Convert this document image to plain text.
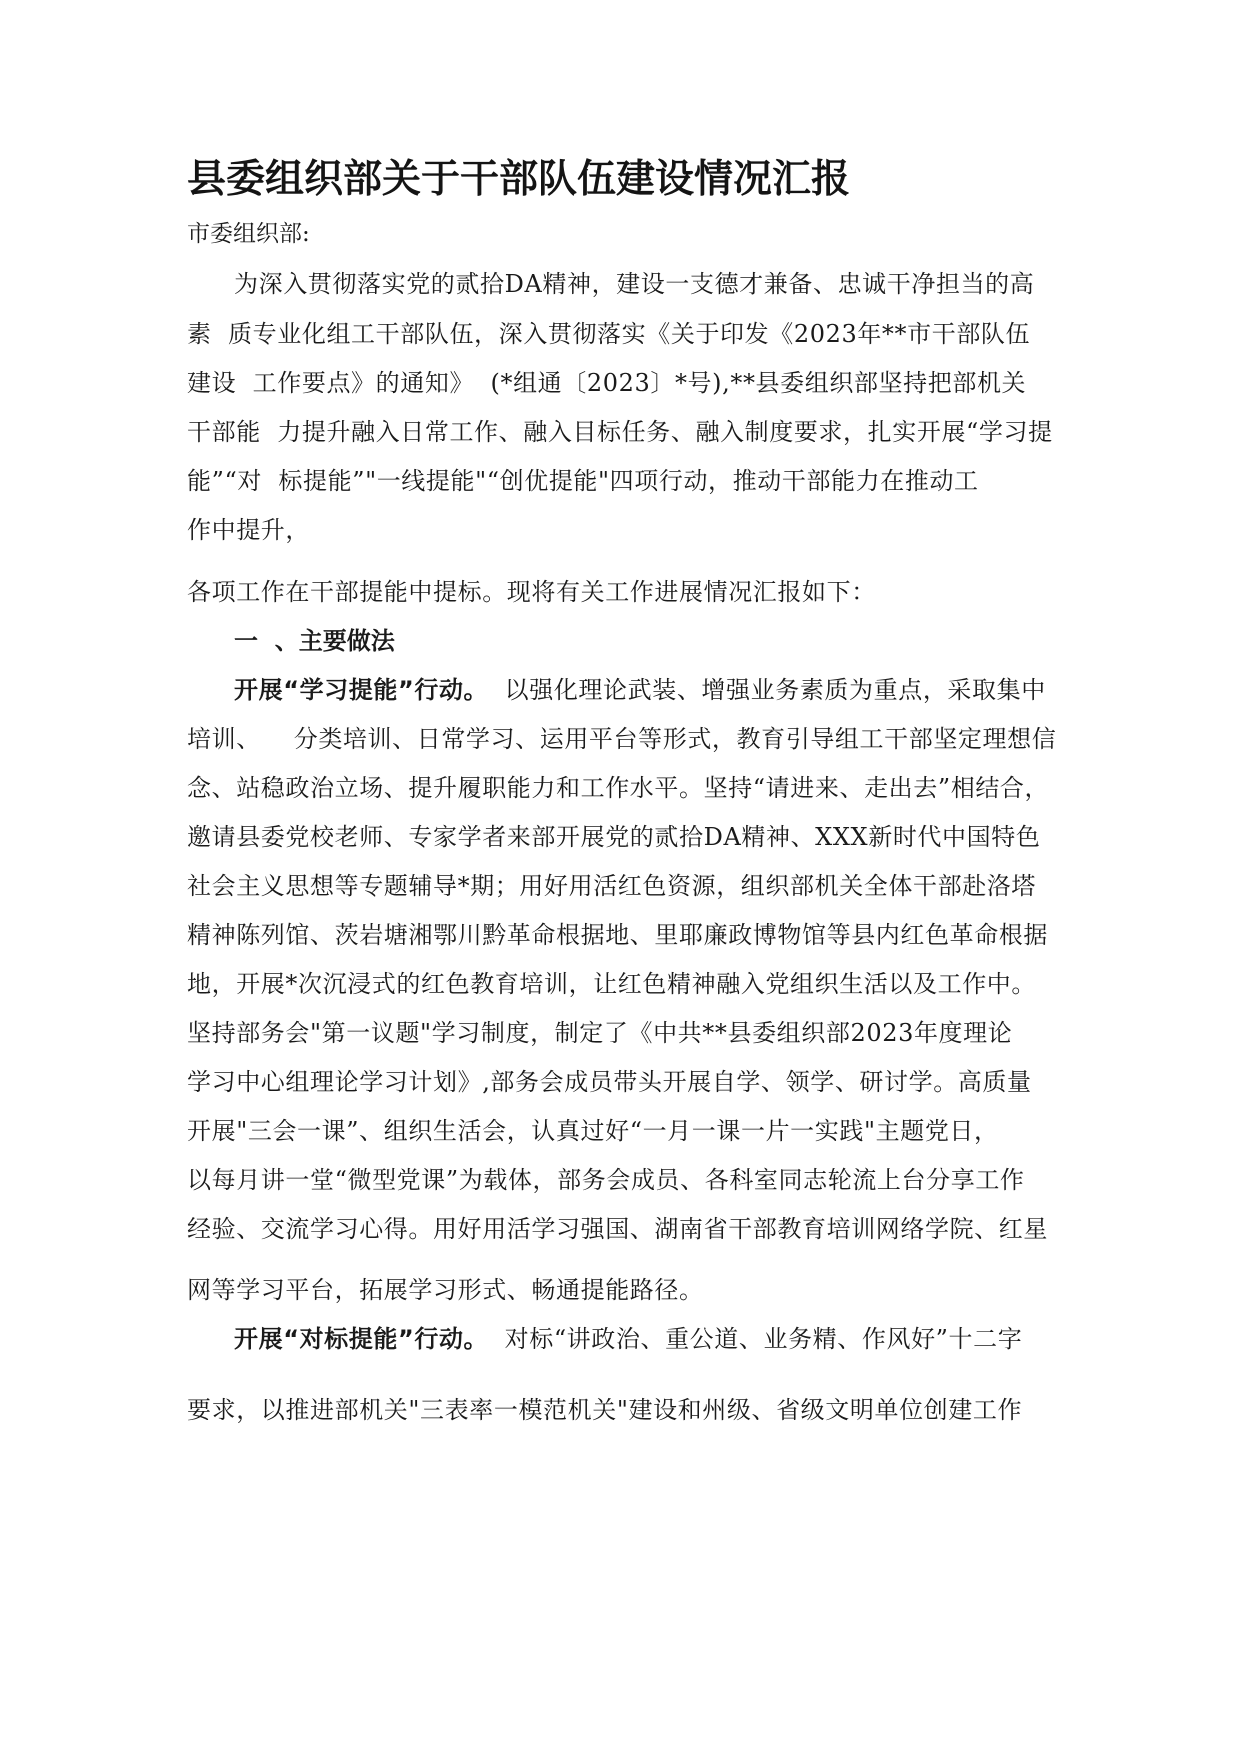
县委组织部关于干部队伍建设情况汇报
市委组织部:
为深入贯彻落实党的贰拾DA精神，建设一支德才兼备、忠诚干净担当的高
素  质专业化组工干部队伍，深入贯彻落实《关于印发《2023年**市干部队伍
建设  工作要点》的通知》  (*组通〔2023〕*号),**县委组织部坚持把部机关
干部能  力提升融入日常工作、融入目标任务、融入制度要求，扎实开展“学习提
能”“对  标提能”"一线提能"“创优提能"四项行动，推动干部能力在推动工
作中提升，
各项工作在干部提能中提标。现将有关工作进展情况汇报如下：
一  、主要做法
开展“学习提能”行动。  以强化理论武装、增强业务素质为重点，采取集中
培训、    分类培训、日常学习、运用平台等形式，教育引导组工干部坚定理想信
念、站稳政治立场、提升履职能力和工作水平。坚持“请进来、走出去”相结合，
邀请县委党校老师、专家学者来部开展党的贰拾DA精神、XXX新时代中国特色
社会主义思想等专题辅导*期；用好用活红色资源，组织部机关全体干部赴洛塔
精神陈列馆、茨岩塘湘鄂川黔革命根据地、里耶廉政博物馆等县内红色革命根据
地，开展*次沉浸式的红色教育培训，让红色精神融入党组织生活以及工作中。
坚持部务会"第一议题"学习制度，制定了《中共**县委组织部2023年度理论
学习中心组理论学习计划》,部务会成员带头开展自学、领学、研讨学。高质量
开展"三会一课”、组织生活会，认真过好“一月一课一片一实践"主题党日，
以每月讲一堂“微型党课”为载体，部务会成员、各科室同志轮流上台分享工作
经验、交流学习心得。用好用活学习强国、湖南省干部教育培训网络学院、红星
网等学习平台，拓展学习形式、畅通提能路径。
开展“对标提能”行动。  对标“讲政治、重公道、业务精、作风好”十二字
要求，以推进部机关"三表率一模范机关"建设和州级、省级文明单位创建工作
